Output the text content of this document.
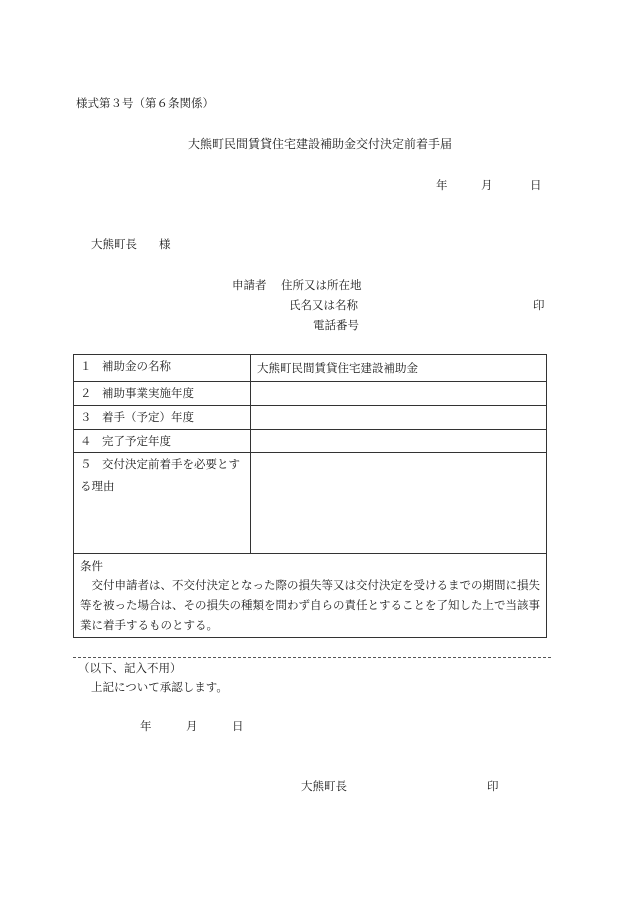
様式第３号（第６条関係）
大熊町民間賃貸住宅建設補助金交付決定前着手届
年	月	日
大熊町長 様
申請者 住所又は所在地
氏名又は名称	印
電話番号
１ 補助金の名称	大熊町民間賃貸住宅建設補助金
２ 補助事業実施年度	
３ 着手（予定）年度	
４ 完了予定年度	

５ 交付決定前着手を必要とす
る理由	

条件
交付申請者は、不交付決定となった際の損失等又は交付決定を受けるまでの期間に損失等を被った場合は、その損失の種類を問わず自らの責任とすることを了知した上で当該事業に着手するものとする。	
（以下、記入不用）
上記について承認します。
年	月	日
大熊町長	印
